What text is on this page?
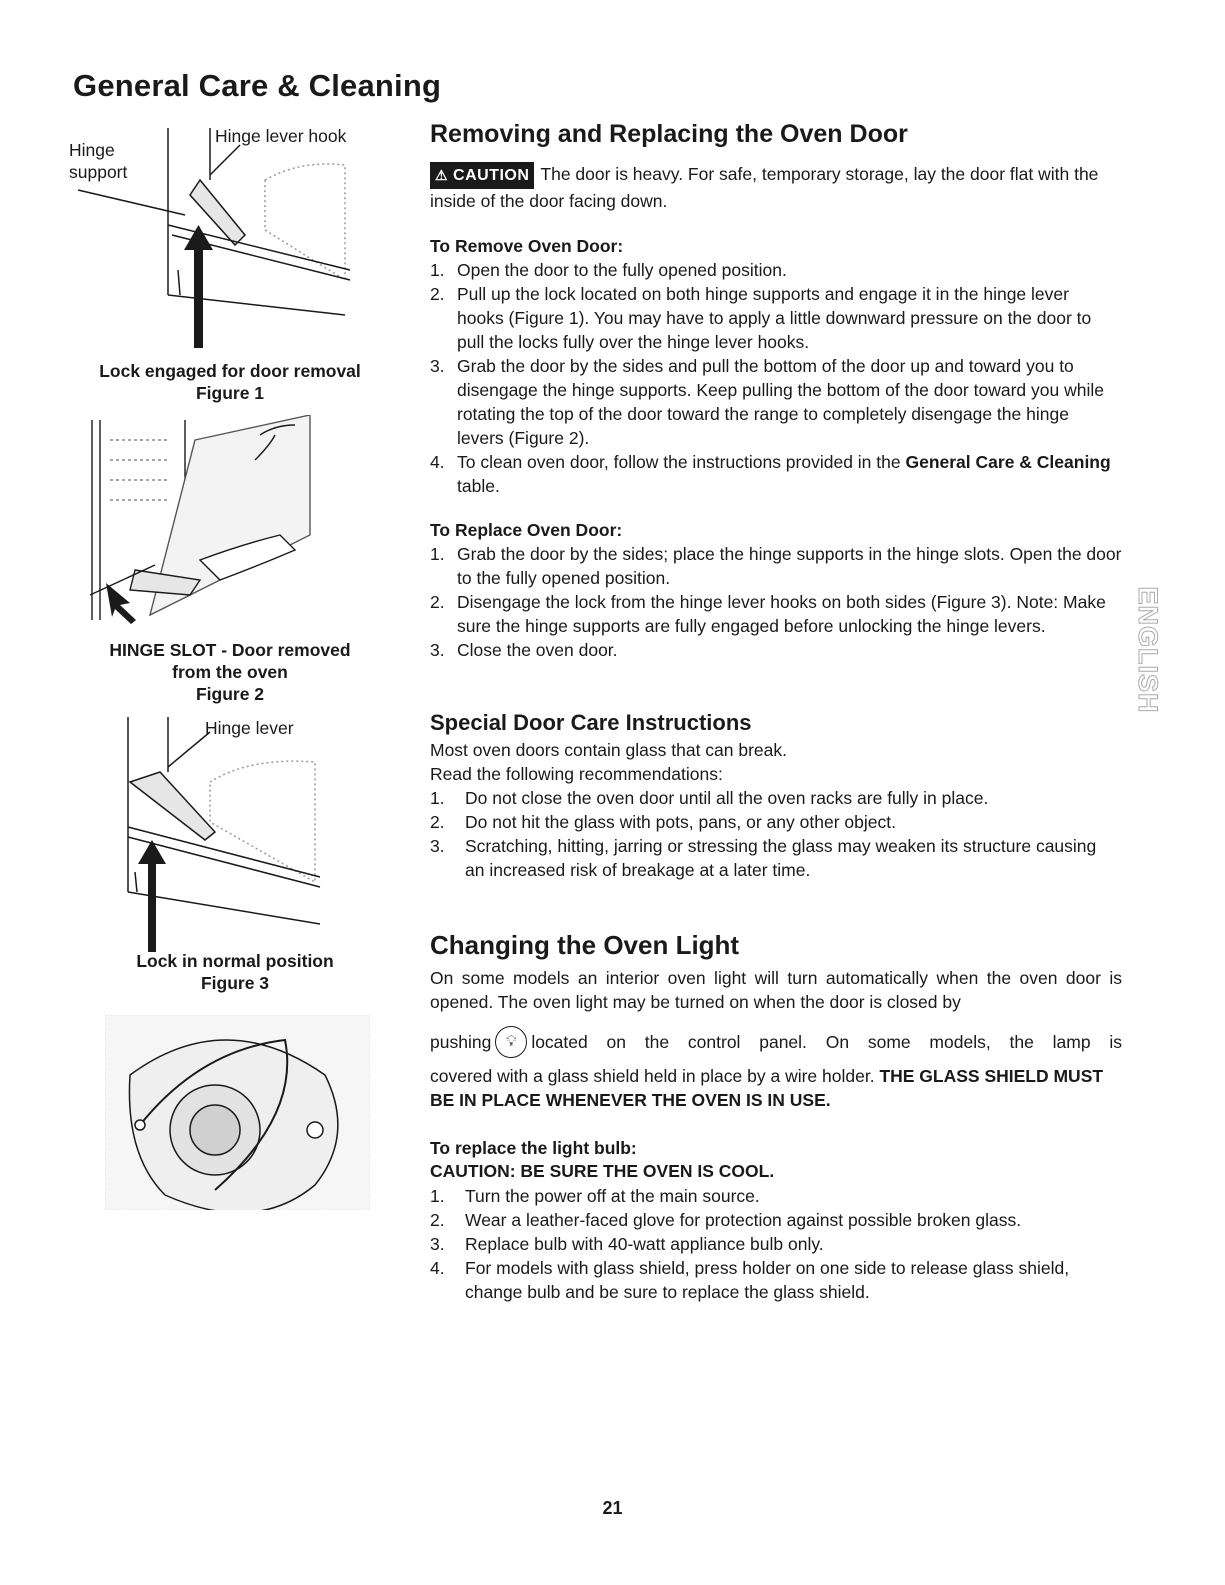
General Care & Cleaning
Hinge
support
Hinge lever hook
Lock engaged for door removal
Figure 1
HINGE SLOT - Door removed
from the oven
Figure 2
Hinge lever
Lock in normal position
Figure 3
Removing and Replacing the Oven Door
⚠ CAUTION The door is heavy. For safe, temporary storage, lay the door flat with the inside of the door facing down.
To Remove Oven Door:
1. Open the door to the fully opened position.
2. Pull up the lock located on both hinge supports and engage it in the hinge lever hooks (Figure 1). You may have to apply a little downward pressure on the door to pull the locks fully over the hinge lever hooks.
3. Grab the door by the sides and pull the bottom of the door up and toward you to disengage the hinge supports. Keep pulling the bottom of the door toward you while rotating the top of the door toward the range to completely disengage the hinge levers (Figure 2).
4. To clean oven door, follow the instructions provided in the General Care & Cleaning table.
To Replace Oven Door:
1. Grab the door by the sides; place the hinge supports in the hinge slots. Open the door to the fully opened position.
2. Disengage the lock from the hinge lever hooks on both sides (Figure 3). Note: Make sure the hinge supports are fully engaged before unlocking the hinge levers.
3. Close the oven door.
Special Door Care Instructions
Most oven doors contain glass that can break.
Read the following recommendations:
1. Do not close the oven door until all the oven racks are fully in place.
2. Do not hit the glass with pots, pans, or any other object.
3. Scratching, hitting, jarring or stressing the glass may weaken its structure causing an increased risk of breakage at a later time.
Changing the Oven Light
On some models an interior oven light will turn automatically when the oven door is opened. The oven light may be turned on when the door is closed by
pushing 💡︎ located on the control panel. On some models, the lamp is
covered with a glass shield held in place by a wire holder. THE GLASS SHIELD MUST BE IN PLACE WHENEVER THE OVEN IS IN USE.
To replace the light bulb:
CAUTION: BE SURE THE OVEN IS COOL.
1. Turn the power off at the main source.
2. Wear a leather-faced glove for protection against possible broken glass.
3. Replace bulb with 40-watt appliance bulb only.
4. For models with glass shield, press holder on one side to release glass shield, change bulb and be sure to replace the glass shield.
ENGLISH
21
